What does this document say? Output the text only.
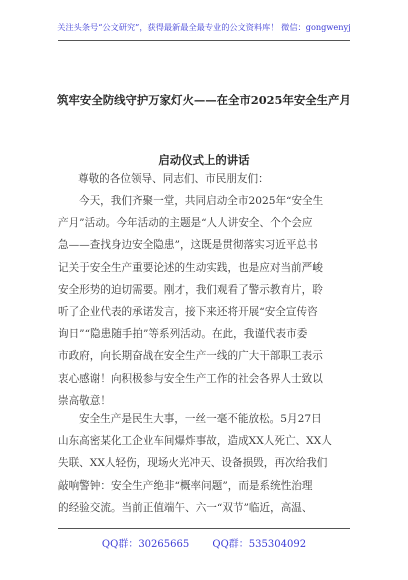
关注头条号“公文研究”，获得最新最全最专业的公文资料库！ 微信：gongwenyj
筑牢安全防线守护万家灯火——在全市2025年安全生产月
启动仪式上的讲话
尊敬的各位领导、同志们、市民朋友们：
今天，我们齐聚一堂，共同启动全市2025年“安全生
产月”活动。今年活动的主题是“人人讲安全、个个会应
急——查找身边安全隐患”，这既是贯彻落实习近平总书
记关于安全生产重要论述的生动实践，也是应对当前严峻
安全形势的迫切需要。刚才，我们观看了警示教育片，聆
听了企业代表的承诺发言，接下来还将开展“安全宣传咨
询日”“隐患随手拍”等系列活动。在此，我谨代表市委
市政府，向长期奋战在安全生产一线的广大干部职工表示
衷心感谢！向积极参与安全生产工作的社会各界人士致以
崇高敬意！
安全生产是民生大事，一丝一毫不能放松。5月27日
山东高密某化工企业车间爆炸事故，造成XX人死亡、XX人
失联、XX人轻伤，现场火光冲天、设备损毁，再次给我们
敲响警钟：安全生产绝非“概率问题”，而是系统性治理
的经验交流。当前正值端午、六一“双节”临近，高温、
QQ群：30265665 QQ群：535304092
